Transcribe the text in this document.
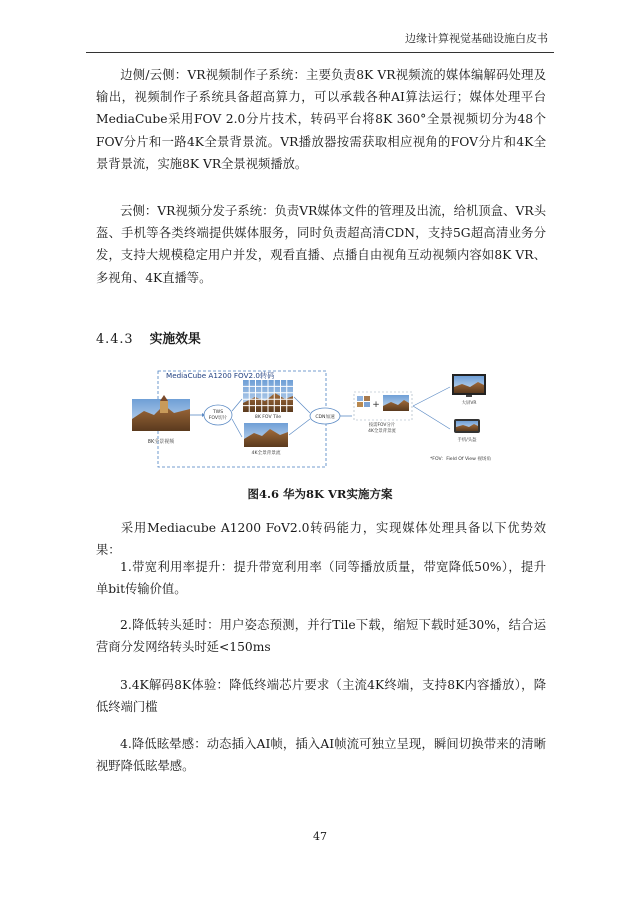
边缘计算视觉基础设施白皮书

边侧/云侧：VR视频制作子系统：主要负责8K VR视频流的媒体编解码处理及输出，视频制作子系统具备超高算力，可以承载各种AI算法运行；媒体处理平台MediaCube采用FOV 2.0分片技术，转码平台将8K 360°全景视频切分为48个FOV分片和一路4K全景背景流。VR播放器按需获取相应视角的FOV分片和4K全景背景流，实施8K VR全景视频播放。

云侧：VR视频分发子系统：负责VR媒体文件的管理及出流，给机顶盒、VR头盔、手机等各类终端提供媒体服务，同时负责超高清CDN，支持5G超高清业务分发，支持大规模稳定用户并发，观看直播、点播自由视角互动视频内容如8K VR、多视角、4K直播等。

4.4.3 实施效果
MediaCube A1200 FOV2.0转码
8K全景视频
TWS
FOV切片	8K FOV Tile
4K全景背景流
CDN加速
+
按需FOV分片
4K全景背景流
大屏VR
手机/头盔
*FOV：Field Of View 视场角
图4.6 华为8K VR实施方案

采用Mediacube A1200 FoV2.0转码能力，实现媒体处理具备以下优势效果：

1.带宽利用率提升：提升带宽利用率（同等播放质量，带宽降低50%），提升单bit传输价值。

2.降低转头延时：用户姿态预测，并行Tile下载，缩短下载时延30%，结合运营商分发网络转头时延<150ms

3.4K解码8K体验：降低终端芯片要求（主流4K终端，支持8K内容播放），降低终端门槛

4.降低眩晕感：动态插入AI帧，插入AI帧流可独立呈现，瞬间切换带来的清晰视野降低眩晕感。

47
